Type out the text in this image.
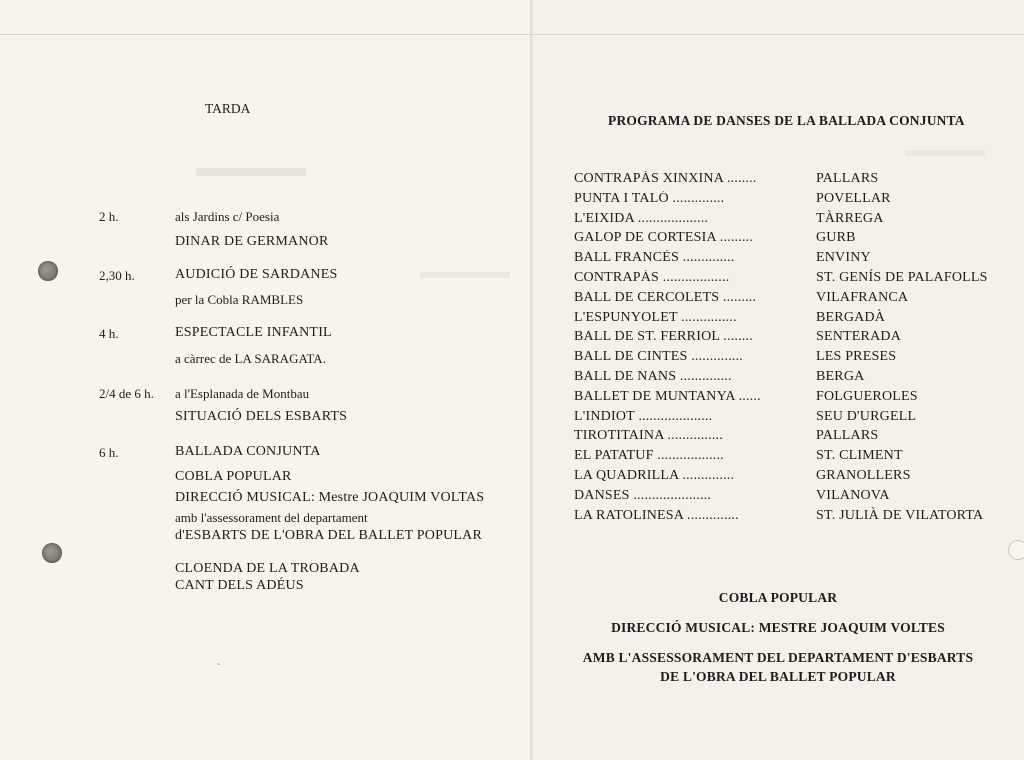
TARDA
2 h.	als Jardins c/ Poesia
DINAR DE GERMANOR
2,30 h.	AUDICIÓ DE SARDANES
per la Cobla RAMBLES
4 h.	ESPECTACLE INFANTIL
a càrrec de LA SARAGATA.
2/4 de 6 h. a l'Esplanada de Montbau
SITUACIÓ DELS ESBARTS
6 h.	BALLADA CONJUNTA
COBLA POPULAR
DIRECCIÓ MUSICAL: Mestre JOAQUIM VOLTAS
amb l'assessorament del departament
d'ESBARTS DE L'OBRA DEL BALLET POPULAR
CLOENDA DE LA TROBADA
CANT DELS ADÉUS
˜
PROGRAMA DE DANSES DE LA BALLADA CONJUNTA
CONTRAPÀS XINXINA ........	PALLARS
PUNTA I TALÓ ..............	POVELLAR
L'EIXIDA ...................	TÀRREGA
GALOP DE CORTESIA .........	GURB
BALL FRANCÈS ..............	ENVINY
CONTRAPÀS ..................	ST. GENÍS DE PALAFOLLS
BALL DE CERCOLETS .........	VILAFRANCA
L'ESPUNYOLET ...............	BERGADÀ
BALL DE ST. FERRIOL ........	SENTERADA
BALL DE CINTES ..............	LES PRESES
BALL DE NANS ..............	BERGA
BALLET DE MUNTANYA ......	FOLGUEROLES
L'INDIOT ....................	SEU D'URGELL
TIROTITAINA ...............	PALLARS
EL PATATUF ..................	ST. CLIMENT
LA QUADRILLA ..............	GRANOLLERS
DANSES .....................	VILANOVA
LA RATOLINESA ..............	ST. JULIÀ DE VILATORTA
COBLA POPULAR
DIRECCIÓ MUSICAL: MESTRE JOAQUIM VOLTES
AMB L'ASSESSORAMENT DEL DEPARTAMENT D'ESBARTS
DE L'OBRA DEL BALLET POPULAR
